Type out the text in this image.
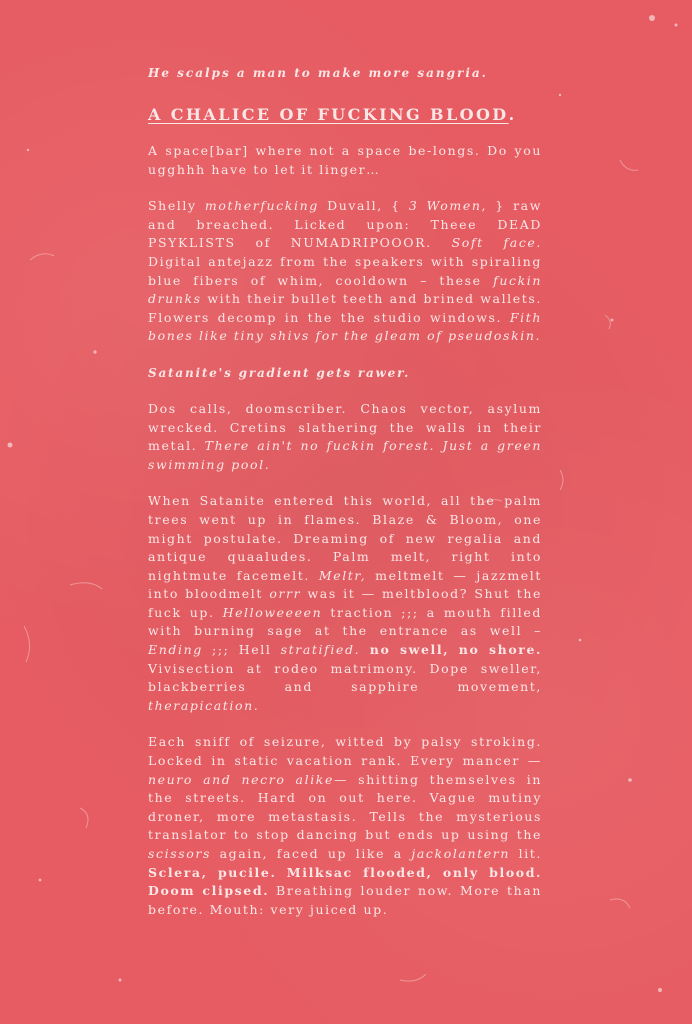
He scalps a man to make more sangria.

A CHALICE OF FUCKING BLOOD.

A space[bar] where not a space be-longs. Do you ugghhh have to let it linger…

Shelly motherfucking Duvall, { 3 Women, } raw and breached. Licked upon: Theee DEAD PSYKLISTS of NUMADRIPOOOR. Soft face. Digital antejazz from the speakers with spiraling blue fibers of whim, cooldown – these fuckin drunks with their bullet teeth and brined wallets. Flowers decomp in the the studio windows. Fith bones like tiny shivs for the gleam of pseudoskin.

Satanite's gradient gets rawer.

Dos calls, doomscriber. Chaos vector, asylum wrecked. Cretins slathering the walls in their metal. There ain't no fuckin forest. Just a green swimming pool.

When Satanite entered this world, all the palm trees went up in flames. Blaze & Bloom, one might postulate. Dreaming of new regalia and antique quaaludes. Palm melt, right into nightmute facemelt. Meltr, meltmelt — jazzmelt into bloodmelt orrr was it — meltblood? Shut the fuck up. Helloweeeen traction ;;; a mouth filled with burning sage at the entrance as well – Ending ;;; Hell stratified. no swell, no shore. Vivisection at rodeo matrimony. Dope sweller, blackberries and sapphire movement, therapication.

Each sniff of seizure, witted by palsy stroking. Locked in static vacation rank. Every mancer —neuro and necro alike— shitting themselves in the streets. Hard on out here. Vague mutiny droner, more metastasis. Tells the mysterious translator to stop dancing but ends up using the scissors again, faced up like a jackolantern lit. Sclera, pucile. Milksac flooded, only blood. Doom clipsed. Breathing louder now. More than before. Mouth: very juiced up.
